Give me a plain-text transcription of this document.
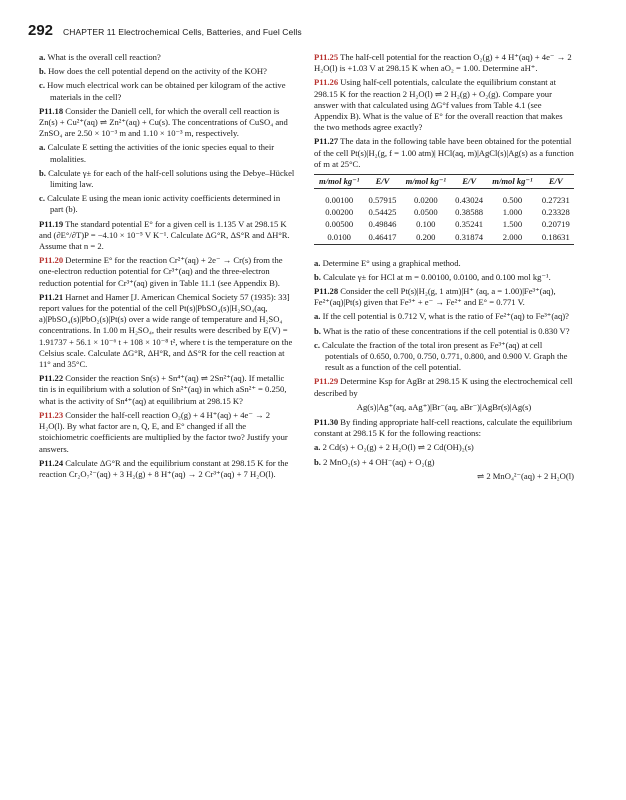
292 CHAPTER 11 Electrochemical Cells, Batteries, and Fuel Cells

a. What is the overall cell reaction?

b. How does the cell potential depend on the activity of the KOH?

c. How much electrical work can be obtained per kilogram of the active materials in the cell?

P11.18 Consider the Daniell cell, for which the overall cell reaction is Zn(s) + Cu²⁺(aq) ⇌ Zn²⁺(aq) + Cu(s). The concentrations of CuSO₄ and ZnSO₄ are 2.50 × 10⁻³ m and 1.10 × 10⁻³ m, respectively.

a. Calculate E setting the activities of the ionic species equal to their molalities.

b. Calculate γ± for each of the half-cell solutions using the Debye–Hückel limiting law.

c. Calculate E using the mean ionic activity coefficients determined in part (b).

P11.19 The standard potential E° for a given cell is 1.135 V at 298.15 K and (∂E°/∂T)P = −4.10 × 10⁻⁵ V K⁻¹. Calculate ΔG°R, ΔS°R and ΔH°R. Assume that n = 2.

P11.20 Determine E° for the reaction Cr²⁺(aq) + 2e⁻ → Cr(s) from the one-electron reduction potential for Cr³⁺(aq) and the three-electron reduction potential for Cr³⁺(aq) given in Table 11.1 (see Appendix B).

P11.21 Harnet and Hamer [J. American Chemical Society 57 (1935): 33] report values for the potential of the cell Pt(s)|PbSO₄(s)|H₂SO₄(aq, a)|PbSO₄(s)|PbO₂(s)|Pt(s) over a wide range of temperature and H₂SO₄ concentrations. In 1.00 m H₂SO₄, their results were described by E(V) = 1.91737 + 56.1 × 10⁻⁶ t + 108 × 10⁻⁸ t², where t is the temperature on the Celsius scale. Calculate ΔG°R, ΔH°R, and ΔS°R for the cell reaction at 11° and 35°C.

P11.22 Consider the reaction Sn(s) + Sn⁴⁺(aq) ⇌ 2Sn²⁺(aq). If metallic tin is in equilibrium with a solution of Sn²⁺(aq) in which aSn²⁺ = 0.250, what is the activity of Sn⁴⁺(aq) at equilibrium at 298.15 K?

P11.23 Consider the half-cell reaction O₂(g) + 4 H⁺(aq) + 4e⁻ → 2 H₂O(l). By what factor are n, Q, E, and E° changed if all the stoichiometric coefficients are multiplied by the factor two? Justify your answers.

P11.24 Calculate ΔG°R and the equilibrium constant at 298.15 K for the reaction Cr₂O₇²⁻(aq) + 3 H₂(g) + 8 H⁺(aq) → 2 Cr³⁺(aq) + 7 H₂O(l).

P11.25 The half-cell potential for the reaction O₂(g) + 4 H⁺(aq) + 4e⁻ → 2 H₂O(l) is +1.03 V at 298.15 K when aO₂ = 1.00. Determine aH⁺.

P11.26 Using half-cell potentials, calculate the equilibrium constant at 298.15 K for the reaction 2 H₂O(l) ⇌ 2 H₂(g) + O₂(g). Compare your answer with that calculated using ΔG°f values from Table 4.1 (see Appendix B). What is the value of E° for the overall reaction that makes the two methods agree exactly?

P11.27 The data in the following table have been obtained for the potential of the cell Pt(s)|H₂(g, f = 1.00 atm)| HCl(aq, m)|AgCl(s)|Ag(s) as a function of m at 25°C.

m/mol kg⁻¹	E/V	m/mol kg⁻¹	E/V	m/mol kg⁻¹	E/V

0.00100	0.57915	0.0200	0.43024	0.500	0.27231
0.00200	0.54425	0.0500	0.38588	1.000	0.23328
0.00500	0.49846	0.100	0.35241	1.500	0.20719
0.0100	0.46417	0.200	0.31874	2.000	0.18631

a. Determine E° using a graphical method.

b. Calculate γ± for HCl at m = 0.00100, 0.0100, and 0.100 mol kg⁻¹.

P11.28 Consider the cell Pt(s)|H₂(g, 1 atm)|H⁺ (aq, a = 1.00)|Fe³⁺(aq), Fe²⁺(aq)|Pt(s) given that Fe³⁺ + e⁻ → Fe²⁺ and E° = 0.771 V.

a. If the cell potential is 0.712 V, what is the ratio of Fe²⁺(aq) to Fe³⁺(aq)?

b. What is the ratio of these concentrations if the cell potential is 0.830 V?

c. Calculate the fraction of the total iron present as Fe³⁺(aq) at cell potentials of 0.650, 0.700, 0.750, 0.771, 0.800, and 0.900 V. Graph the result as a function of the cell potential.

P11.29 Determine Ksp for AgBr at 298.15 K using the electrochemical cell described by

Ag(s)|Ag⁺(aq, aAg⁺)|Br⁻(aq, aBr⁻)|AgBr(s)|Ag(s)

P11.30 By finding appropriate half-cell reactions, calculate the equilibrium constant at 298.15 K for the following reactions:

a. 2 Cd(s) + O₂(g) + 2 H₂O(l) ⇌ 2 Cd(OH)₂(s)

b. 2 MnO₂(s) + 4 OH⁻(aq) + O₂(g)

⇌ 2 MnO₄²⁻(aq) + 2 H₂O(l)
